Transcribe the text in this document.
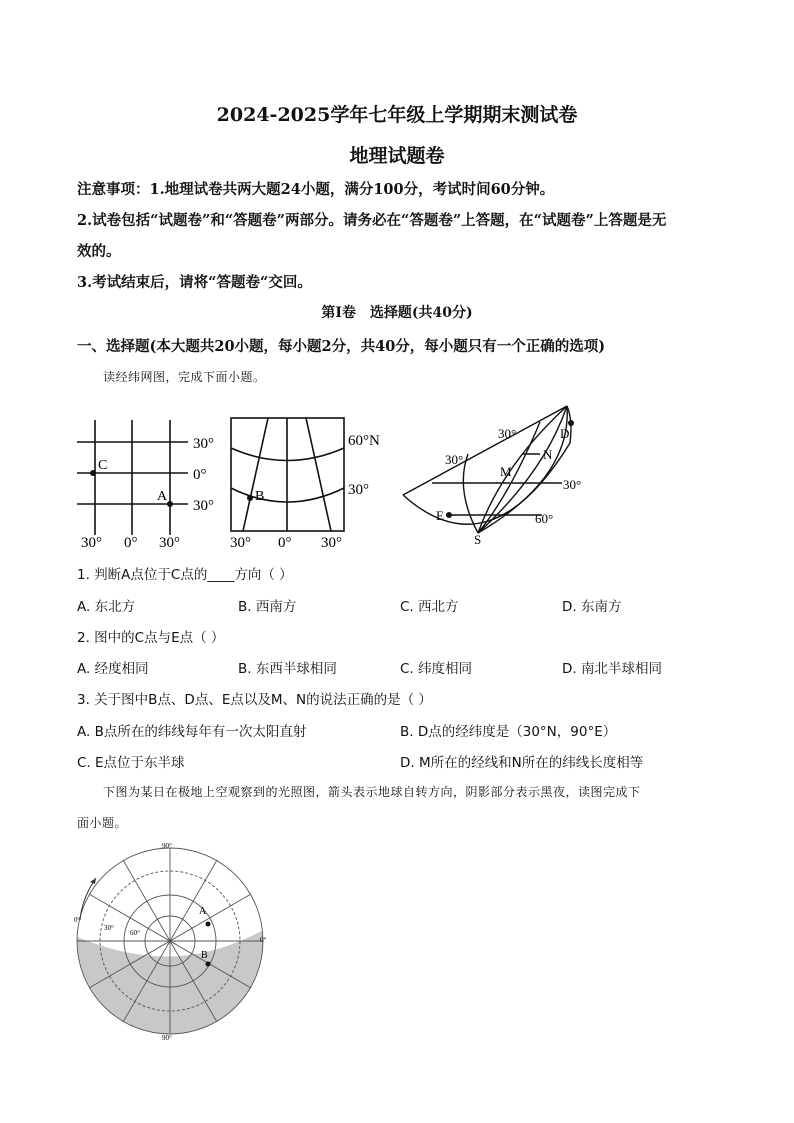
2024-2025学年七年级上学期期末测试卷
地理试题卷
注意事项：1.地理试卷共两大题24小题，满分100分，考试时间60分钟。
2.试卷包括“试题卷”和“答题卷”两部分。请务必在“答题卷”上答题，在“试题卷”上答题是无
效的。
3.考试结束后，请将“答题卷“交回。
第Ⅰ卷　选择题(共40分)
一、选择题(本大题共20小题，每小题2分，共40分，每小题只有一个正确的选项)
读经纬网图，完成下面小题。
C
A
30°
0°
30°
30° 0° 30°
B
60°N
30°
30° 0° 30°
30°
30°
30°
60°
D
N
M
E
S
1. 判断A点位于C点的____方向（ ）
A. 东北方	B. 西南方	C. 西北方	D. 东南方
2. 图中的C点与E点（ ）
A. 经度相同	B. 东西半球相同	C. 纬度相同	D. 南北半球相同
3. 关于图中B点、D点、E点以及M、N的说法正确的是（ ）
A. B点所在的纬线每年有一次太阳直射	B. D点的经纬度是（30°N，90°E）
C. E点位于东半球	D. M所在的经线和N所在的纬线长度相等
下图为某日在极地上空观察到的光照图，箭头表示地球自转方向，阴影部分表示黑夜，读图完成下
面小题。
A
B
90°
0°
0°
30°
60°
90°
